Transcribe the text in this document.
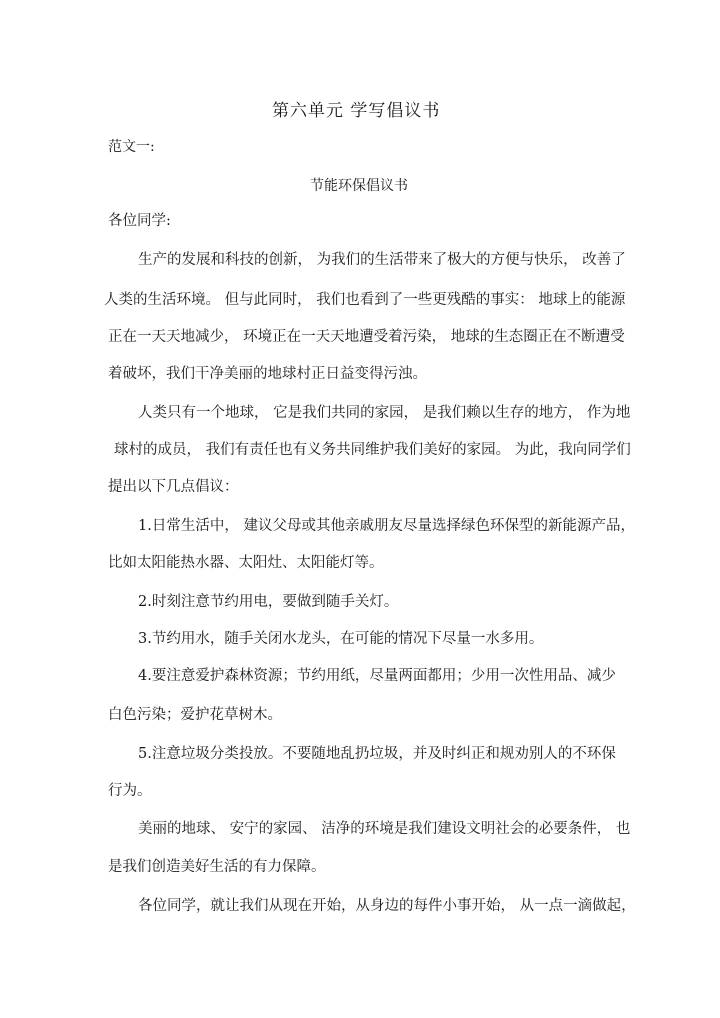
第六单元 学写倡议书
范文一:
节能环保倡议书
各位同学:
生产的发展和科技的创新， 为我们的生活带来了极大的方便与快乐， 改善了
人类的生活环境。 但与此同时， 我们也看到了一些更残酷的事实： 地球上的能源
正在一天天地减少， 环境正在一天天地遭受着污染， 地球的生态圈正在不断遭受
着破坏，我们干净美丽的地球村正日益变得污浊。
人类只有一个地球， 它是我们共同的家园， 是我们赖以生存的地方， 作为地
球村的成员， 我们有责任也有义务共同维护我们美好的家园。 为此，我向同学们
提出以下几点倡议：
1.日常生活中， 建议父母或其他亲戚朋友尽量选择绿色环保型的新能源产品，
比如太阳能热水器、太阳灶、太阳能灯等。
2.时刻注意节约用电，要做到随手关灯。
3.节约用水，随手关闭水龙头，在可能的情况下尽量一水多用。
4.要注意爱护森林资源；节约用纸，尽量两面都用；少用一次性用品、减少
白色污染；爱护花草树木。
5.注意垃圾分类投放。不要随地乱扔垃圾，并及时纠正和规劝别人的不环保
行为。
美丽的地球、 安宁的家园、 洁净的环境是我们建设文明社会的必要条件， 也
是我们创造美好生活的有力保障。
各位同学，就让我们从现在开始，从身边的每件小事开始， 从一点一滴做起，
